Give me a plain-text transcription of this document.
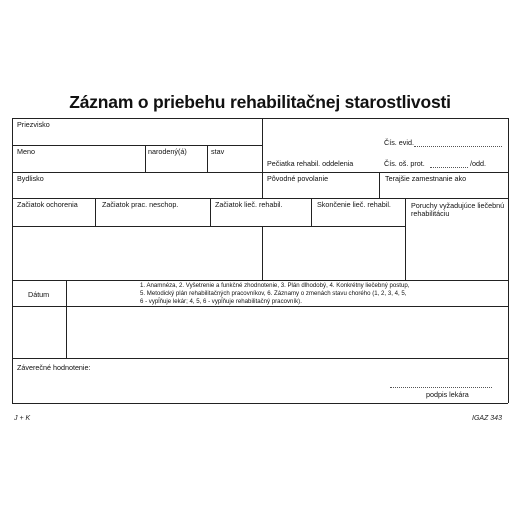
Záznam o priebehu rehabilitačnej starostlivosti
Priezvisko
Čís. evid.
Meno	narodený(á)	stav
Pečiatka rehabil. oddelenia	Čís. oš. prot.	/odd.
Bydlisko	Pôvodné povolanie	Terajšie zamestnanie ako
Začiatok ochorenia	Začiatok prac. neschop.	Začiatok lieč. rehabil.	Skončenie lieč. rehabil.	Poruchy vyžadujúce liečebnú rehabilitáciu
Dátum
1. Anamnéza, 2. Vyšetrenie a funkčné zhodnotenie, 3. Plán dlhodobý, 4. Konkrétny liečebný postup,
5. Metodický plán rehabilitačných pracovníkov, 6. Záznamy o zmenách stavu chorého (1, 2, 3, 4, 5,
6 - vypĺňuje lekár; 4, 5, 6 - vypĺňuje rehabilitačný pracovník).
Záverečné hodnotenie:
podpis lekára
J + K	IGAZ 343
